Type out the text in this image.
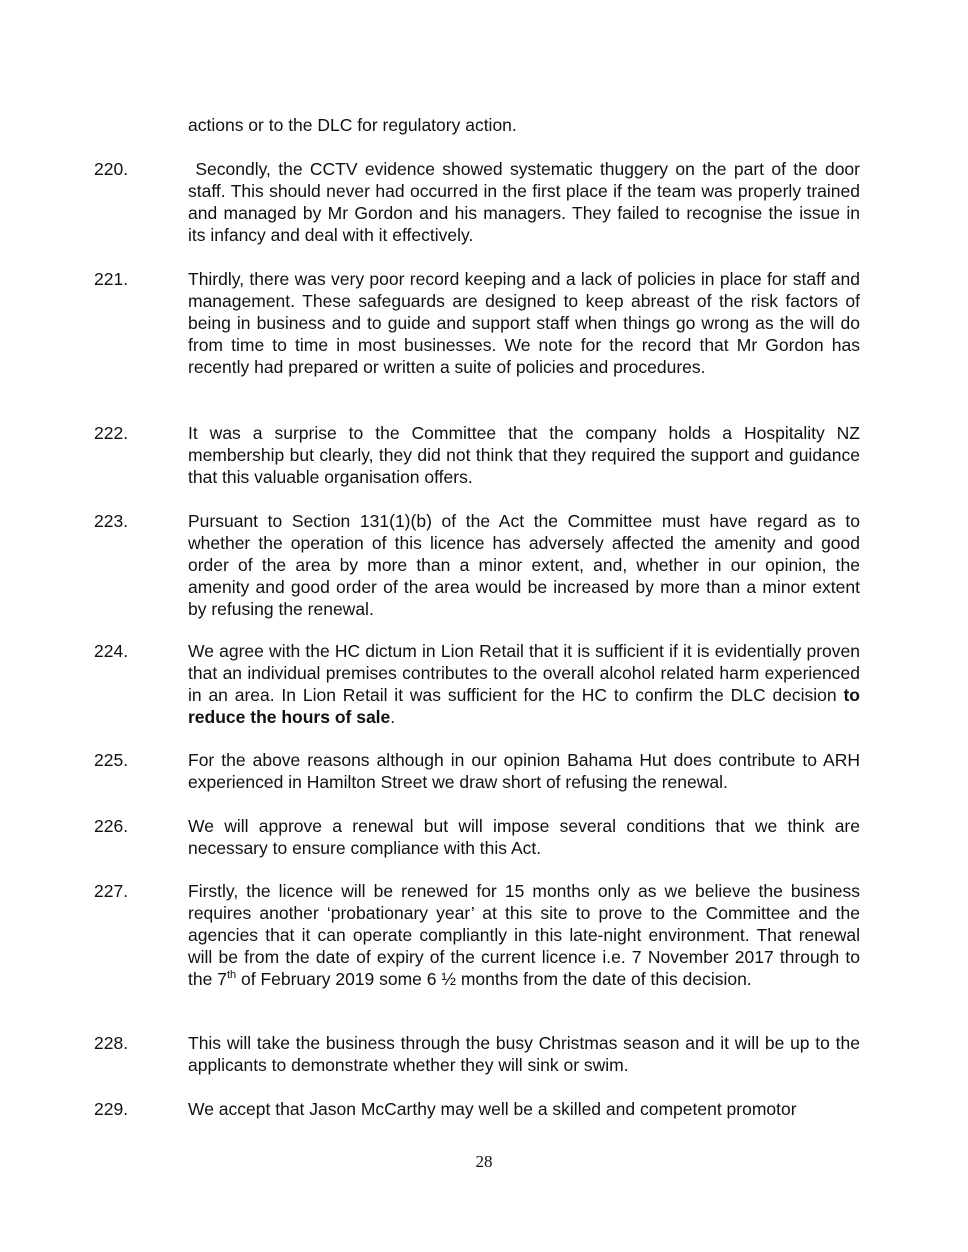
actions or to the DLC for regulatory action.

220.	Secondly, the CCTV evidence showed systematic thuggery on the part of the door staff. This should never had occurred in the first place if the team was properly trained and managed by Mr Gordon and his managers. They failed to recognise the issue in its infancy and deal with it effectively.

221.	Thirdly, there was very poor record keeping and a lack of policies in place for staff and management. These safeguards are designed to keep abreast of the risk factors of being in business and to guide and support staff when things go wrong as the will do from time to time in most businesses. We note for the record that Mr Gordon has recently had prepared or written a suite of policies and procedures.

222.	It was a surprise to the Committee that the company holds a Hospitality NZ membership but clearly, they did not think that they required the support and guidance that this valuable organisation offers.

223.	Pursuant to Section 131(1)(b) of the Act the Committee must have regard as to whether the operation of this licence has adversely affected the amenity and good order of the area by more than a minor extent, and, whether in our opinion, the amenity and good order of the area would be increased by more than a minor extent by refusing the renewal.

224.	We agree with the HC dictum in Lion Retail that it is sufficient if it is evidentially proven that an individual premises contributes to the overall alcohol related harm experienced in an area. In Lion Retail it was sufficient for the HC to confirm the DLC decision to reduce the hours of sale.

225.	For the above reasons although in our opinion Bahama Hut does contribute to ARH experienced in Hamilton Street we draw short of refusing the renewal.

226.	We will approve a renewal but will impose several conditions that we think are necessary to ensure compliance with this Act.

227.	Firstly, the licence will be renewed for 15 months only as we believe the business requires another ‘probationary year’ at this site to prove to the Committee and the agencies that it can operate compliantly in this late-night environment. That renewal will be from the date of expiry of the current licence i.e. 7 November 2017 through to the 7th of February 2019 some 6 ½ months from the date of this decision.

228.	This will take the business through the busy Christmas season and it will be up to the applicants to demonstrate whether they will sink or swim.

229.	We accept that Jason McCarthy may well be a skilled and competent promotor

28
